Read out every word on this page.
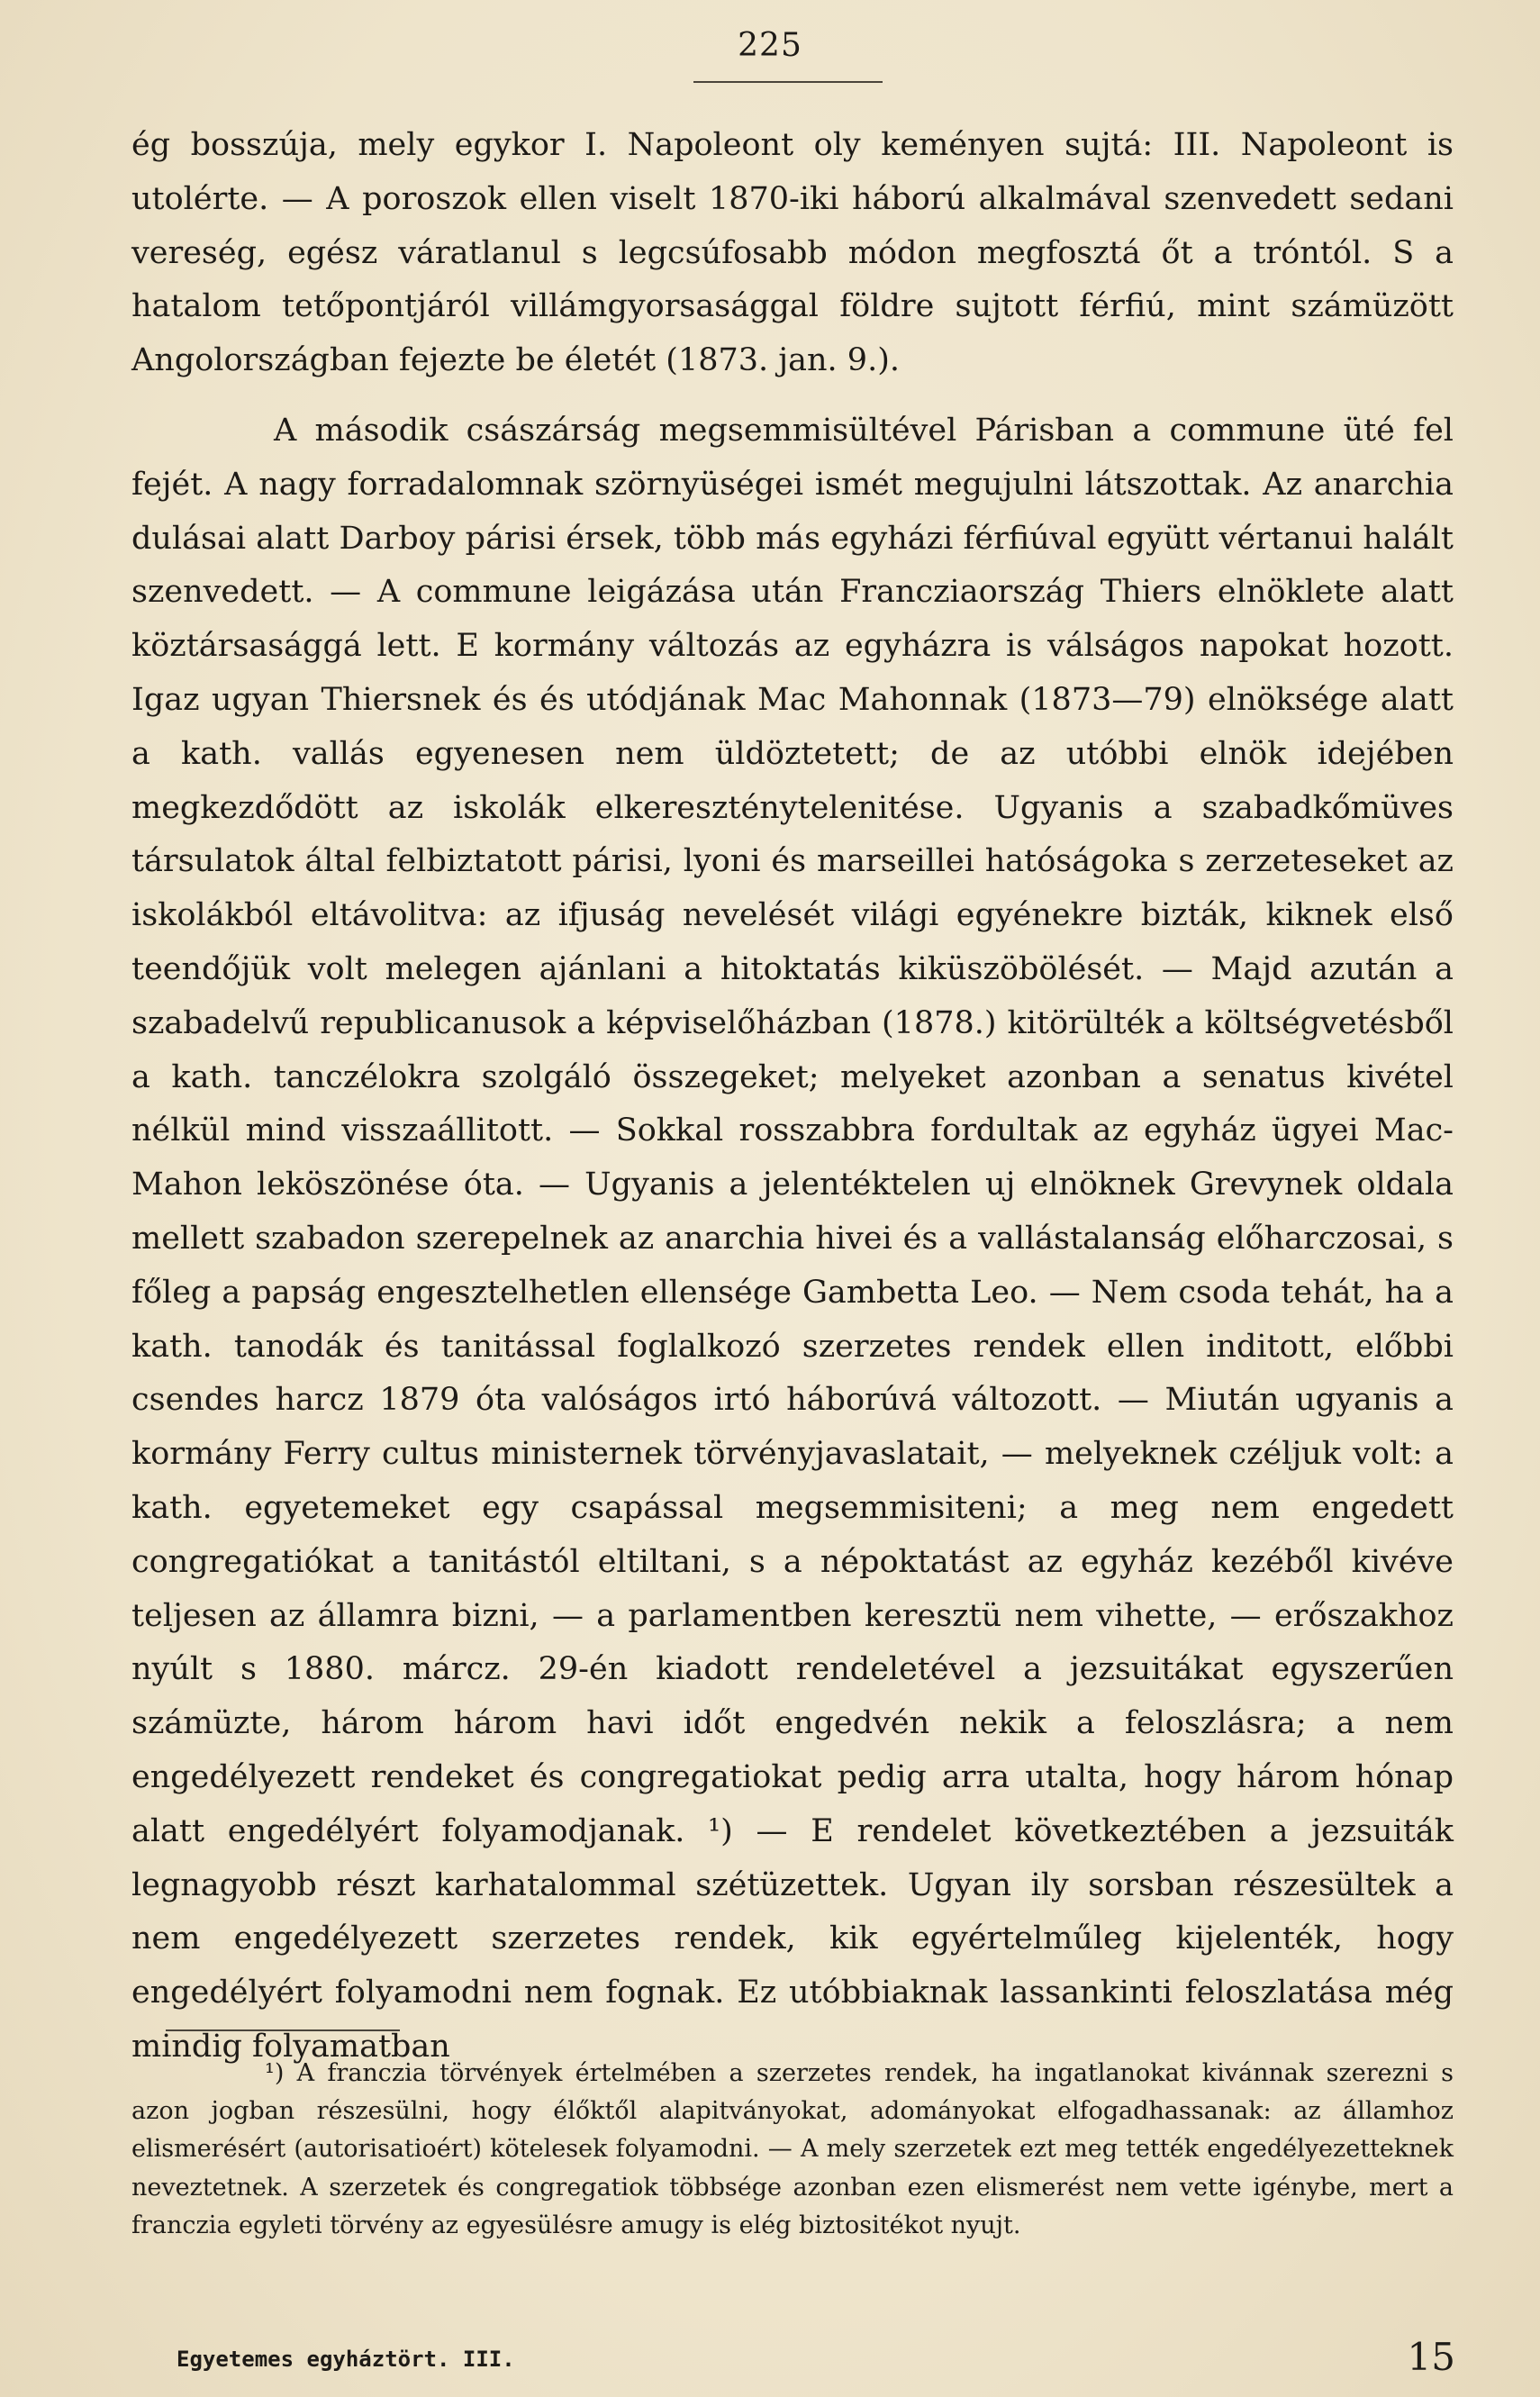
225

ég bosszúja, mely egykor I. Napoleont oly keményen sujtá: III. Napoleont is utolérte. — A poroszok ellen viselt 1870-iki háború alkalmával szenvedett sedani vereség, egész váratlanul s legcsúfosabb módon megfosztá őt a tróntól. S a hatalom tetőpontjáról villámgyorsasággal földre sujtott férfiú, mint számüzött Angolországban fejezte be életét (1873. jan. 9.).

A második császárság megsemmisültével Párisban a commune üté fel fejét. A nagy forradalomnak szörnyüségei ismét megujulni látszottak. Az anarchia dulásai alatt Darboy párisi érsek, több más egyházi férfiúval együtt vértanui halált szenvedett. — A commune leigázása után Francziaország Thiers elnöklete alatt köztársasággá lett. E kormány változás az egyházra is válságos napokat hozott. Igaz ugyan Thiersnek és és utódjának Mac Mahonnak (1873—79) elnöksége alatt a kath. vallás egyenesen nem üldöztetett; de az utóbbi elnök idejében megkezdődött az iskolák elkereszténytelenitése. Ugyanis a szabadkőmüves társulatok által felbiztatott párisi, lyoni és marseillei hatóságoka s zerzeteseket az iskolákból eltávolitva: az ifjuság nevelését világi egyénekre bizták, kiknek első teendőjük volt melegen ajánlani a hitoktatás kiküszöbölését. — Majd azután a szabadelvű republicanusok a képviselőházban (1878.) kitörülték a költségvetésből a kath. tanczélokra szolgáló összegeket; melyeket azonban a senatus kivétel nélkül mind visszaállitott. — Sokkal rosszabbra fordultak az egyház ügyei Mac-Mahon leköszönése óta. — Ugyanis a jelentéktelen uj elnöknek Grevynek oldala mellett szabadon szerepelnek az anarchia hivei és a vallástalanság előharczosai, s főleg a papság engesztelhetlen ellensége Gambetta Leo. — Nem csoda tehát, ha a kath. tanodák és tanitással foglalkozó szerzetes rendek ellen inditott, előbbi csendes harcz 1879 óta valóságos irtó háborúvá változott. — Miután ugyanis a kormány Ferry cultus ministernek törvényjavaslatait, — melyeknek czéljuk volt: a kath. egyetemeket egy csapással megsemmisiteni; a meg nem engedett congregatiókat a tanitástól eltiltani, s a népoktatást az egyház kezéből kivéve teljesen az államra bizni, — a parlamentben keresztü nem vihette, — erőszakhoz nyúlt s 1880. márcz. 29-én kiadott rendeletével a jezsuitákat egyszerűen számüzte, három három havi időt engedvén nekik a feloszlásra; a nem engedélyezett rendeket és congregatiokat pedig arra utalta, hogy három hónap alatt engedélyért folyamodjanak. ¹) — E rendelet következtében a jezsuiták legnagyobb részt karhatalommal szétüzettek. Ugyan ily sorsban részesültek a nem engedélyezett szerzetes rendek, kik egyértelműleg kijelenték, hogy engedélyért folyamodni nem fognak. Ez utóbbiaknak lassankinti feloszlatása még mindig folyamatban

¹) A franczia törvények értelmében a szerzetes rendek, ha ingatlanokat kivánnak szerezni s azon jogban részesülni, hogy élőktől alapitványokat, adományokat elfogadhassanak: az államhoz elismerésért (autorisatioért) kötelesek folyamodni. — A mely szerzetek ezt meg tették engedélyezetteknek neveztetnek. A szerzetek és congregatiok többsége azonban ezen elismerést nem vette igénybe, mert a franczia egyleti törvény az egyesülésre amugy is elég biztositékot nyujt.

Egyetemes egyháztört. III.	15
